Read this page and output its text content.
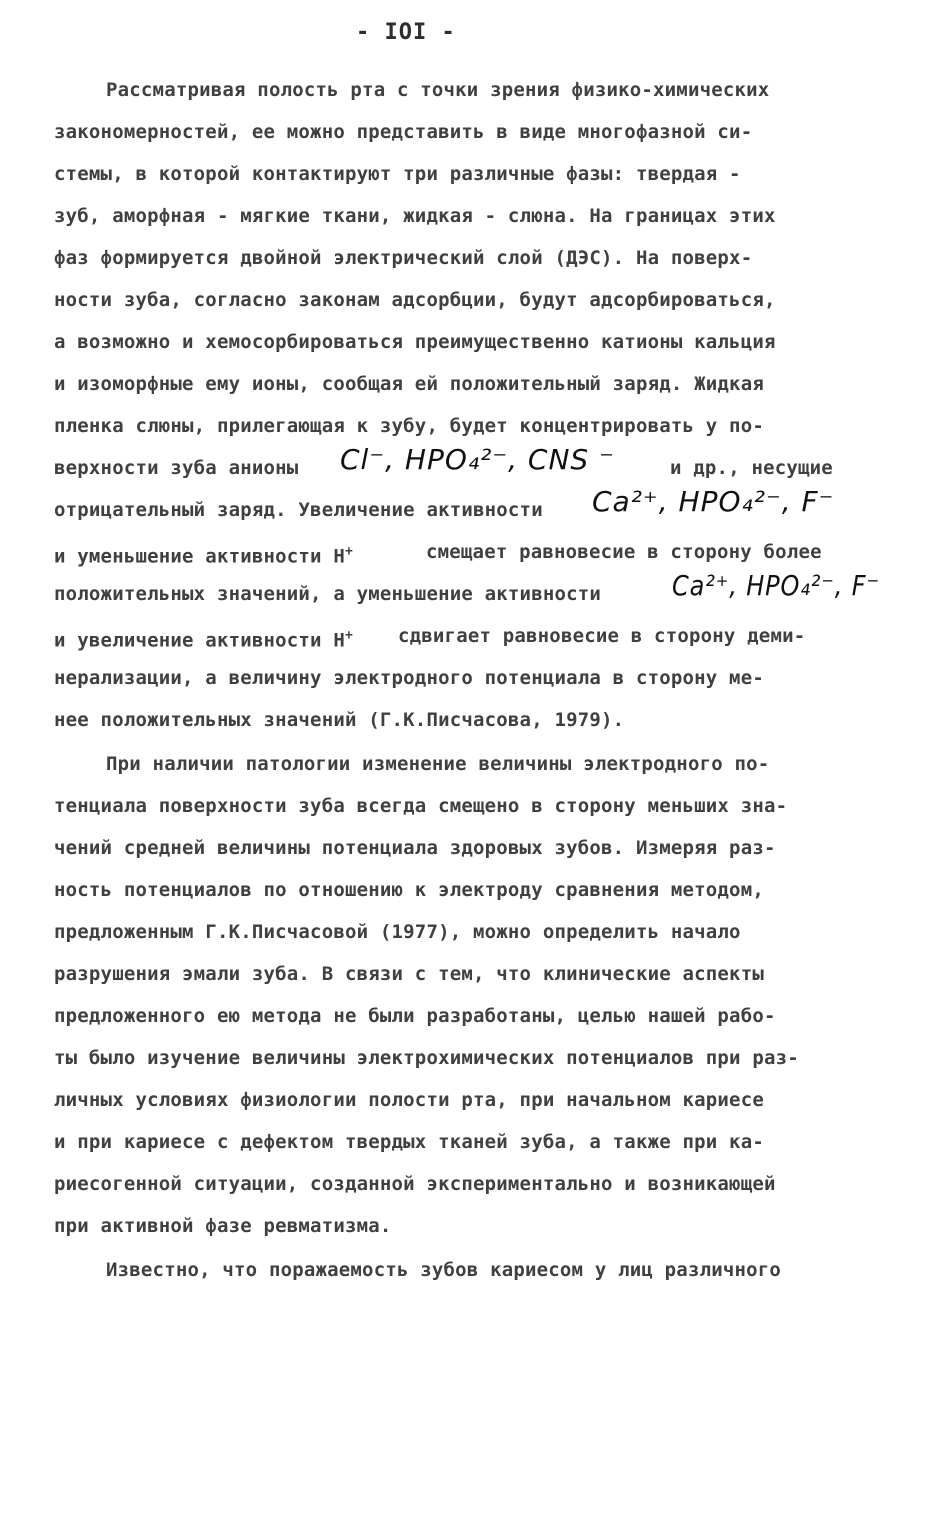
- IOI -
Рассматривая полость рта с точки зрения физико-химических
закономерностей, ее можно представить в виде многофазной си-
стемы, в которой контактируют три различные фазы: твердая -
зуб, аморфная - мягкие ткани, жидкая - слюна. На границах этих
фаз формируется двойной электрический слой (ДЭС). На поверх-
ности зуба, согласно законам адсорбции, будут адсорбироваться,
а возможно и хемосорбироваться преимущественно катионы кальция
и изоморфные ему ионы, сообщая ей положительный заряд. Жидкая
пленка слюны, прилегающая к зубу, будет концентрировать у по-
верхности зуба анионы Cl⁻, HPO₄²⁻, CNS ⁻	и др., несущие
отрицательный заряд. Увеличение активности Ca²⁺, HPO₄²⁻, F⁻
и уменьшение активности Н+	смещает равновесие в сторону более
положительных значений, а уменьшение активности	Ca²⁺, HPO₄²⁻, F⁻
и увеличение активности Н+ сдвигает равновесие в сторону деми-
нерализации, а величину электродного потенциала в сторону ме-
нее положительных значений (Г.К.Писчасова, 1979).
При наличии патологии изменение величины электродного по-
тенциала поверхности зуба всегда смещено в сторону меньших зна-
чений средней величины потенциала здоровых зубов. Измеряя раз-
ность потенциалов по отношению к электроду сравнения методом,
предложенным Г.К.Писчасовой (1977), можно определить начало
разрушения эмали зуба. В связи с тем, что клинические аспекты
предложенного ею метода не были разработаны, целью нашей рабо-
ты было изучение величины электрохимических потенциалов при раз-
личных условиях физиологии полости рта, при начальном кариесе
и при кариесе с дефектом твердых тканей зуба, а также при ка-
риесогенной ситуации, созданной экспериментально и возникающей
при активной фазе ревматизма.
Известно, что поражаемость зубов кариесом у лиц различного
